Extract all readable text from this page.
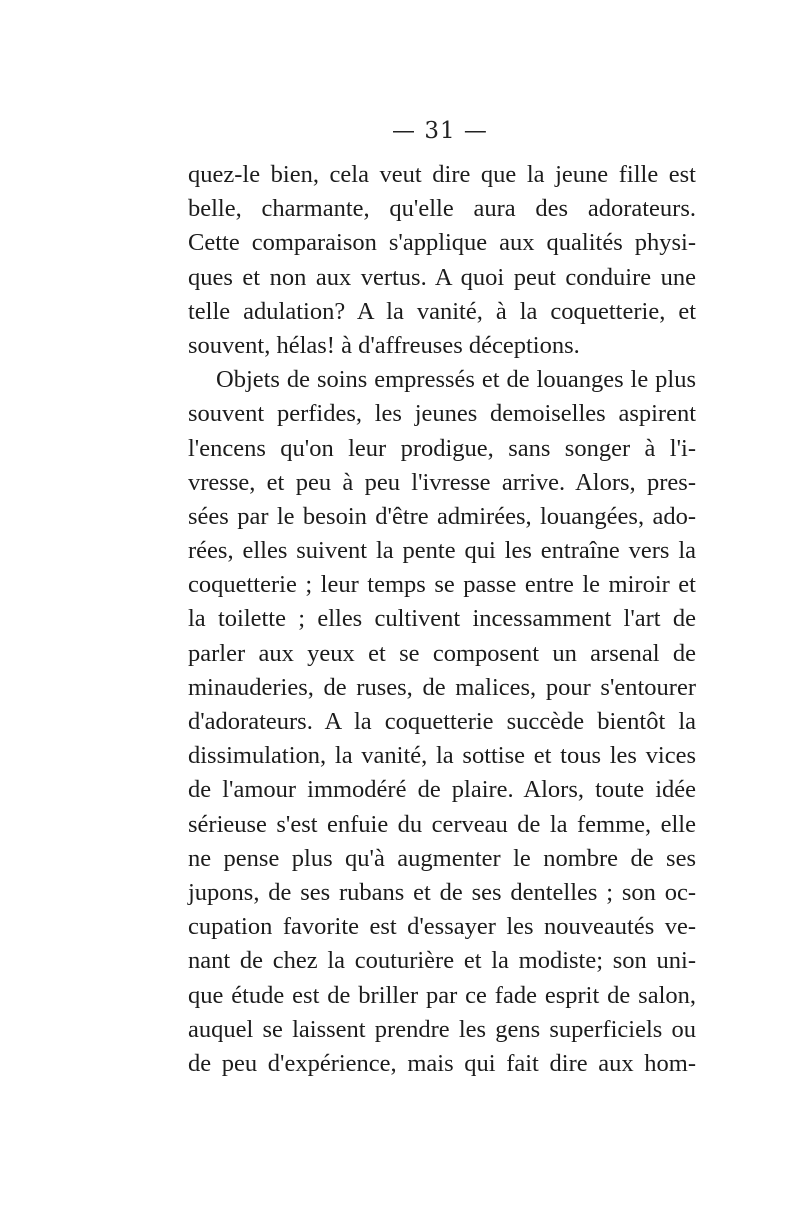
— 31 —
quez-le bien, cela veut dire que la jeune fille est
belle, charmante, qu'elle aura des adorateurs.
Cette comparaison s'applique aux qualités physi-
ques et non aux vertus. A quoi peut conduire une
telle adulation? A la vanité, à la coquetterie, et
souvent, hélas! à d'affreuses déceptions.
Objets de soins empressés et de louanges le plus
souvent perfides, les jeunes demoiselles aspirent
l'encens qu'on leur prodigue, sans songer à l'i-
vresse, et peu à peu l'ivresse arrive. Alors, pres-
sées par le besoin d'être admirées, louangées, ado-
rées, elles suivent la pente qui les entraîne vers la
coquetterie ; leur temps se passe entre le miroir et
la toilette ; elles cultivent incessamment l'art de
parler aux yeux et se composent un arsenal de
minauderies, de ruses, de malices, pour s'entourer
d'adorateurs. A la coquetterie succède bientôt la
dissimulation, la vanité, la sottise et tous les vices
de l'amour immodéré de plaire. Alors, toute idée
sérieuse s'est enfuie du cerveau de la femme, elle
ne pense plus qu'à augmenter le nombre de ses
jupons, de ses rubans et de ses dentelles ; son oc-
cupation favorite est d'essayer les nouveautés ve-
nant de chez la couturière et la modiste; son uni-
que étude est de briller par ce fade esprit de salon,
auquel se laissent prendre les gens superficiels ou
de peu d'expérience, mais qui fait dire aux hom-
